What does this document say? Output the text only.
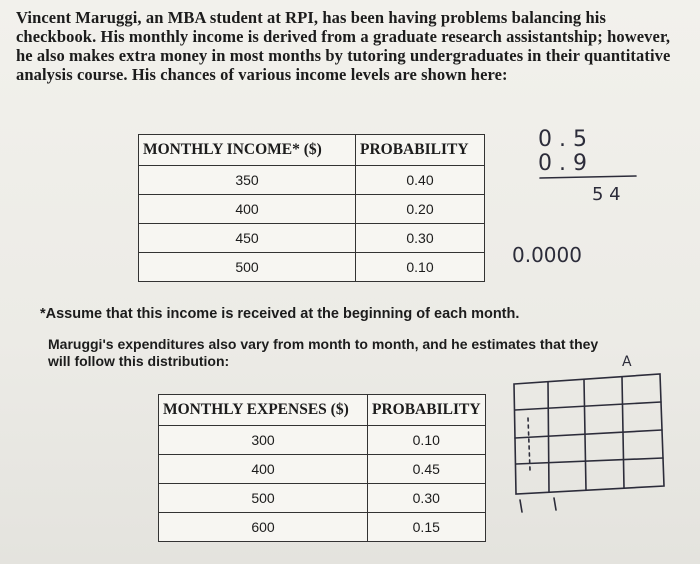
Vincent Maruggi, an MBA student at RPI, has been having problems balancing his checkbook. His monthly income is derived from a graduate research assistantship; however, he also makes extra money in most months by tutoring undergraduates in their quantitative analysis course. His chances of various income levels are shown here:
MONTHLY INCOME* ($)	PROBABILITY
350	0.40
400	0.20
450	0.30
500	0.10
*Assume that this income is received at the beginning of each month.
Maruggi's expenditures also vary from month to month, and he estimates that they will follow this distribution:
MONTHLY EXPENSES ($)	PROBABILITY
300	0.10
400	0.45
500	0.30
600	0.15
0 . 5
0 . 9
5 4
0.0000
A
